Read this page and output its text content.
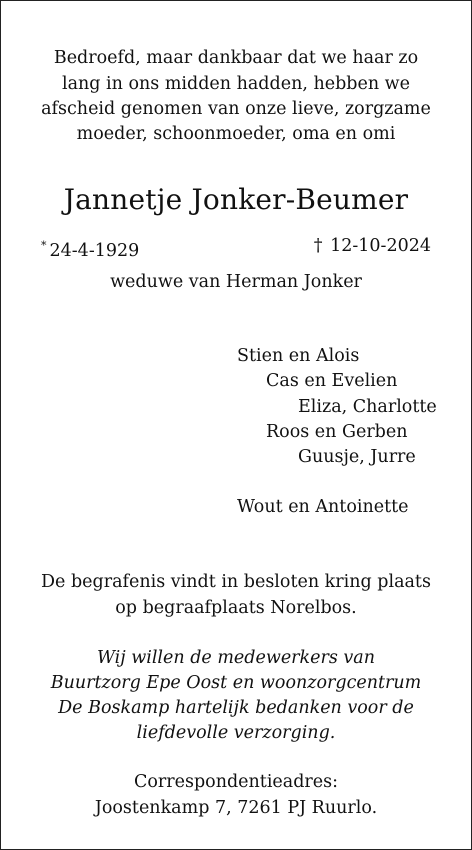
Bedroefd, maar dankbaar dat we haar zo
lang in ons midden hadden, hebben we
afscheid genomen van onze lieve, zorgzame
moeder, schoonmoeder, oma en omi
Jannetje Jonker-Beumer
* 24-4-1929	† 12-10-2024
weduwe van Herman Jonker
Stien en Alois
Cas en Evelien
Eliza, Charlotte
Roos en Gerben
Guusje, Jurre
Wout en Antoinette
De begrafenis vindt in besloten kring plaats
op begraafplaats Norelbos.
Wij willen de medewerkers van
Buurtzorg Epe Oost en woonzorgcentrum
De Boskamp hartelijk bedanken voor de
liefdevolle verzorging.
Correspondentieadres:
Joostenkamp 7, 7261 PJ Ruurlo.
